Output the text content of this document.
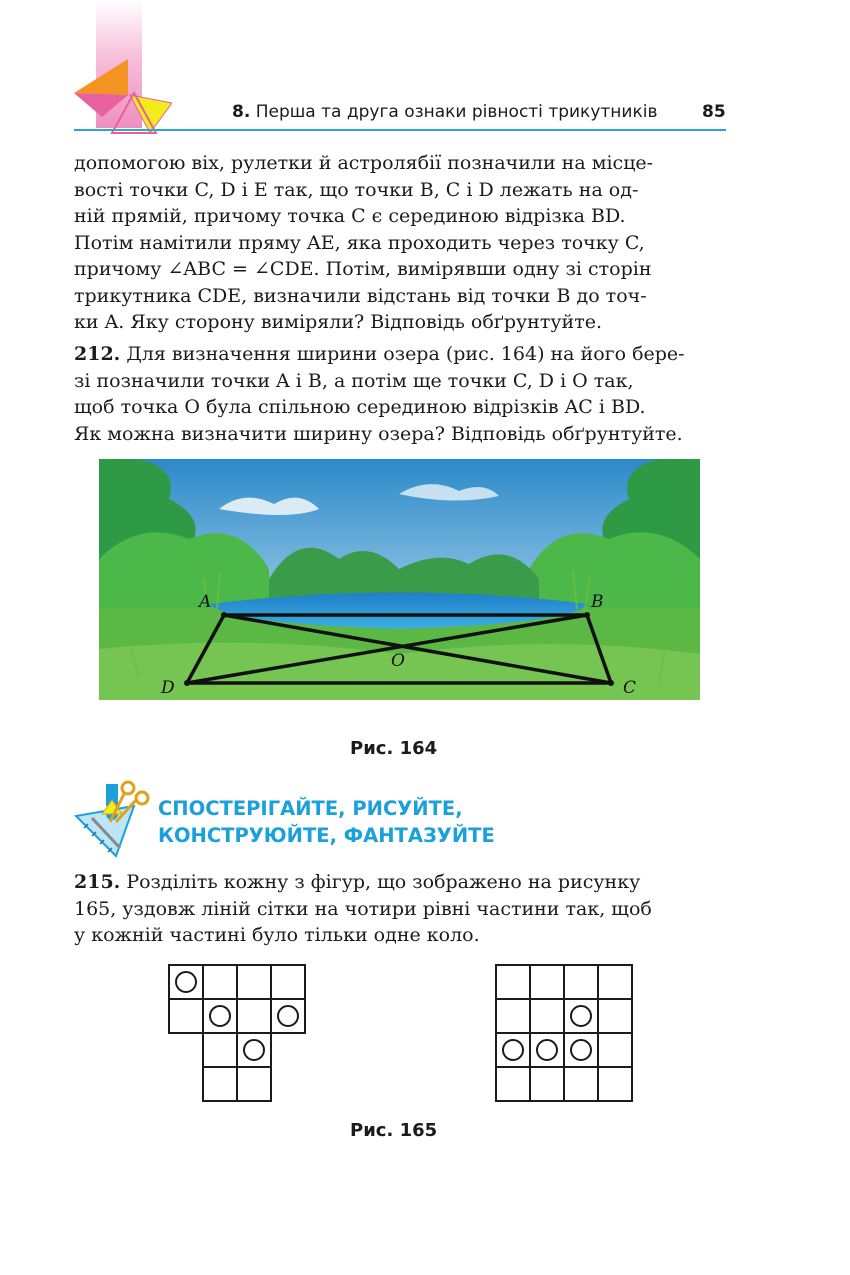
8. Перша та друга ознаки рівності трикутників	85
допомогою віх, рулетки й астролябії позначили на місце-
вості точки C, D і E так, що точки B, C і D лежать на од-
ній прямій, причому точка C є серединою відрізка BD.
Потім намітили пряму AE, яка проходить через точку C,
причому ∠ABC = ∠CDE. Потім, вимірявши одну зі сторін
трикутника CDE, визначили відстань від точки B до точ-
ки A. Яку сторону виміряли? Відповідь обґрунтуйте.
212. Для визначення ширини озера (рис. 164) на його бере-
зі позначили точки A і B, а потім ще точки C, D і O так,
щоб точка O була спільною серединою відрізків AC і BD.
Як можна визначити ширину озера? Відповідь обґрунтуйте.
A	B
C
D
O
Рис. 164
СПОСТЕРІГАЙТЕ, РИСУЙТЕ,
КОНСТРУЮЙТЕ, ФАНТАЗУЙТЕ
215. Розділіть кожну з фігур, що зображено на рисунку
165, уздовж ліній сітки на чотири рівні частини так, щоб
у кожній частині було тільки одне коло.
Рис. 165
